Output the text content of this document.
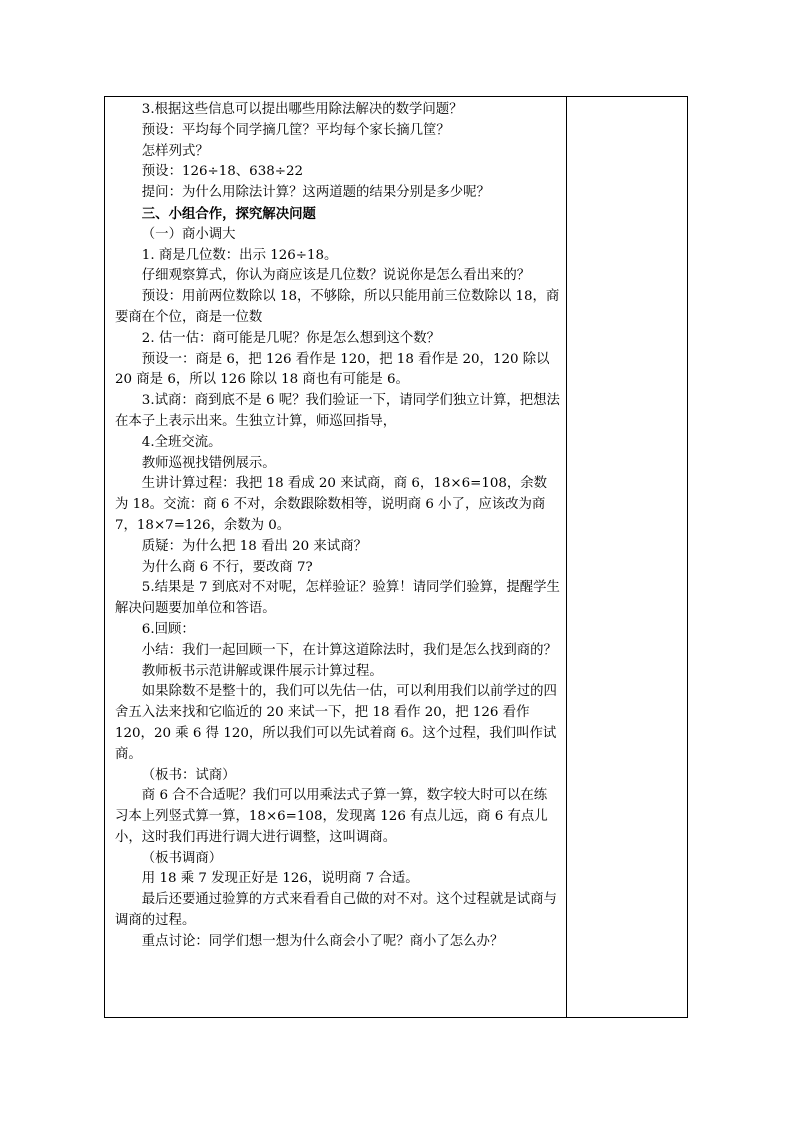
3.根据这些信息可以提出哪些用除法解决的数学问题？

预设：平均每个同学摘几筐？平均每个家长摘几筐？

怎样列式？

预设：126÷18、638÷22

提问：为什么用除法计算？这两道题的结果分别是多少呢？

三、小组合作，探究解决问题

（一）商小调大

1. 商是几位数：出示 126÷18。

仔细观察算式，你认为商应该是几位数？说说你是怎么看出来的？

预设：用前两位数除以 18，不够除，所以只能用前三位数除以 18，商要商在个位，商是一位数

2. 估一估：商可能是几呢？你是怎么想到这个数？

预设一：商是 6，把 126 看作是 120，把 18 看作是 20，120 除以 20 商是 6，所以 126 除以 18 商也有可能是 6。

3.试商：商到底不是 6 呢？我们验证一下，请同学们独立计算，把想法在本子上表示出来。生独立计算，师巡回指导，

4.全班交流。

教师巡视找错例展示。

生讲计算过程：我把 18 看成 20 来试商，商 6，18×6=108，余数为 18。交流：商 6 不对，余数跟除数相等，说明商 6 小了，应该改为商 7，18×7=126，余数为 0。

质疑：为什么把 18 看出 20 来试商？

为什么商 6 不行，要改商 7?

5.结果是 7 到底对不对呢，怎样验证？验算！请同学们验算，提醒学生解决问题要加单位和答语。

6.回顾：

小结：我们一起回顾一下，在计算这道除法时，我们是怎么找到商的？

教师板书示范讲解或课件展示计算过程。

如果除数不是整十的，我们可以先估一估，可以利用我们以前学过的四舍五入法来找和它临近的 20 来试一下，把 18 看作 20，把 126 看作 120，20 乘 6 得 120，所以我们可以先试着商 6。这个过程，我们叫作试商。

（板书：试商）

商 6 合不合适呢？我们可以用乘法式子算一算，数字较大时可以在练习本上列竖式算一算，18×6=108，发现离 126 有点儿远，商 6 有点儿小，这时我们再进行调大进行调整，这叫调商。

（板书调商）

用 18 乘 7 发现正好是 126，说明商 7 合适。

最后还要通过验算的方式来看看自己做的对不对。这个过程就是试商与调商的过程。

重点讨论：同学们想一想为什么商会小了呢？商小了怎么办？
